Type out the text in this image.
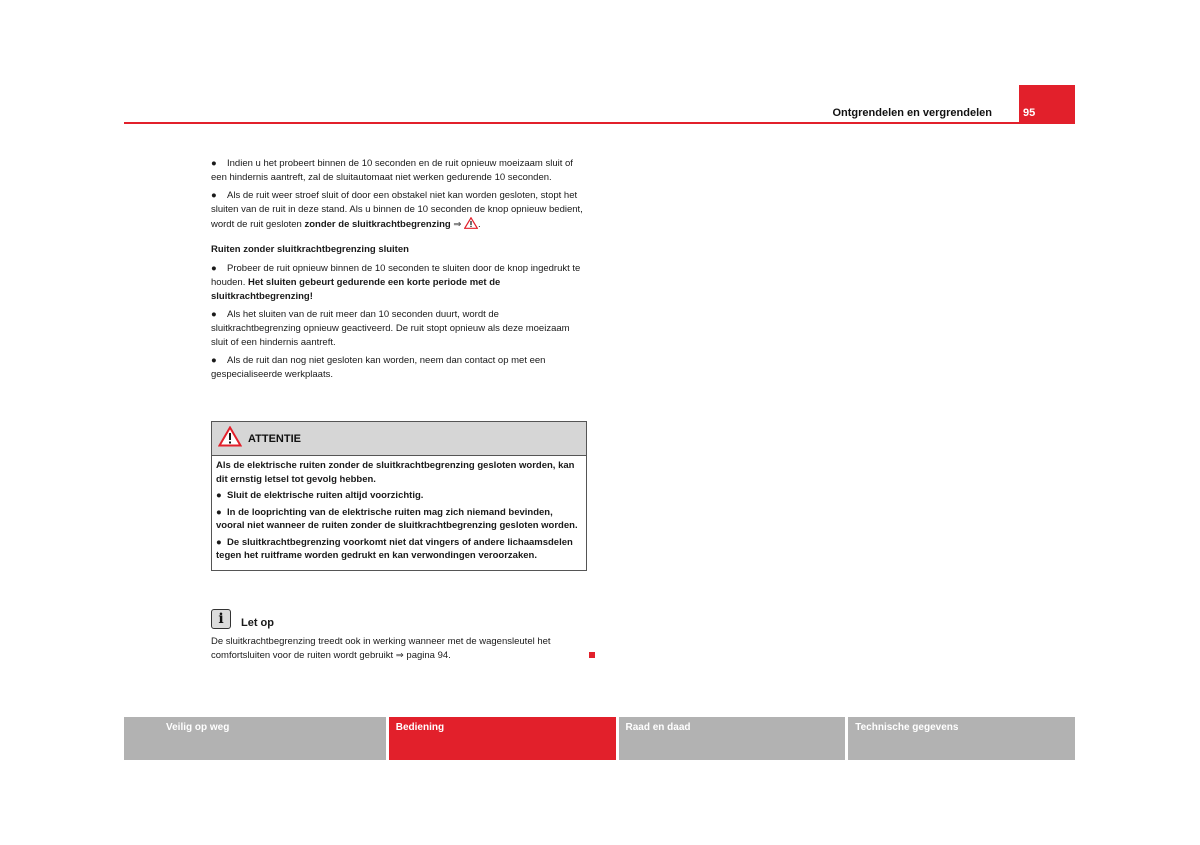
95
Ontgrendelen en vergrendelen

● Indien u het probeert binnen de 10 seconden en de ruit opnieuw moeizaam sluit of een hindernis aantreft, zal de sluitautomaat niet werken gedurende 10 seconden.

● Als de ruit weer stroef sluit of door een obstakel niet kan worden gesloten, stopt het sluiten van de ruit in deze stand. Als u binnen de 10 seconden de knop opnieuw bedient, wordt de ruit gesloten zonder de sluitkrachtbegrenzing ⇒ .

Ruiten zonder sluitkrachtbegrenzing sluiten

● Probeer de ruit opnieuw binnen de 10 seconden te sluiten door de knop ingedrukt te houden. Het sluiten gebeurt gedurende een korte periode met de sluitkrachtbegrenzing!

● Als het sluiten van de ruit meer dan 10 seconden duurt, wordt de sluitkrachtbegrenzing opnieuw geactiveerd. De ruit stopt opnieuw als deze moeizaam sluit of een hindernis aantreft.

● Als de ruit dan nog niet gesloten kan worden, neem dan contact op met een gespecialiseerde werkplaats.

ATTENTIE

Als de elektrische ruiten zonder de sluitkrachtbegrenzing gesloten worden, kan dit ernstig letsel tot gevolg hebben.

●  Sluit de elektrische ruiten altijd voorzichtig.

●  In de looprichting van de elektrische ruiten mag zich niemand bevinden, vooral niet wanneer de ruiten zonder de sluitkrachtbegrenzing gesloten worden.

●  De sluitkrachtbegrenzing voorkomt niet dat vingers of andere lichaamsdelen tegen het ruitframe worden gedrukt en kan verwondingen veroorzaken.

i	Let op
De sluitkrachtbegrenzing treedt ook in werking wanneer met de wagensleutel het comfortsluiten voor de ruiten wordt gebruikt ⇒ pagina 94.
Veilig op weg	Bediening	Raad en daad	Technische gegevens
